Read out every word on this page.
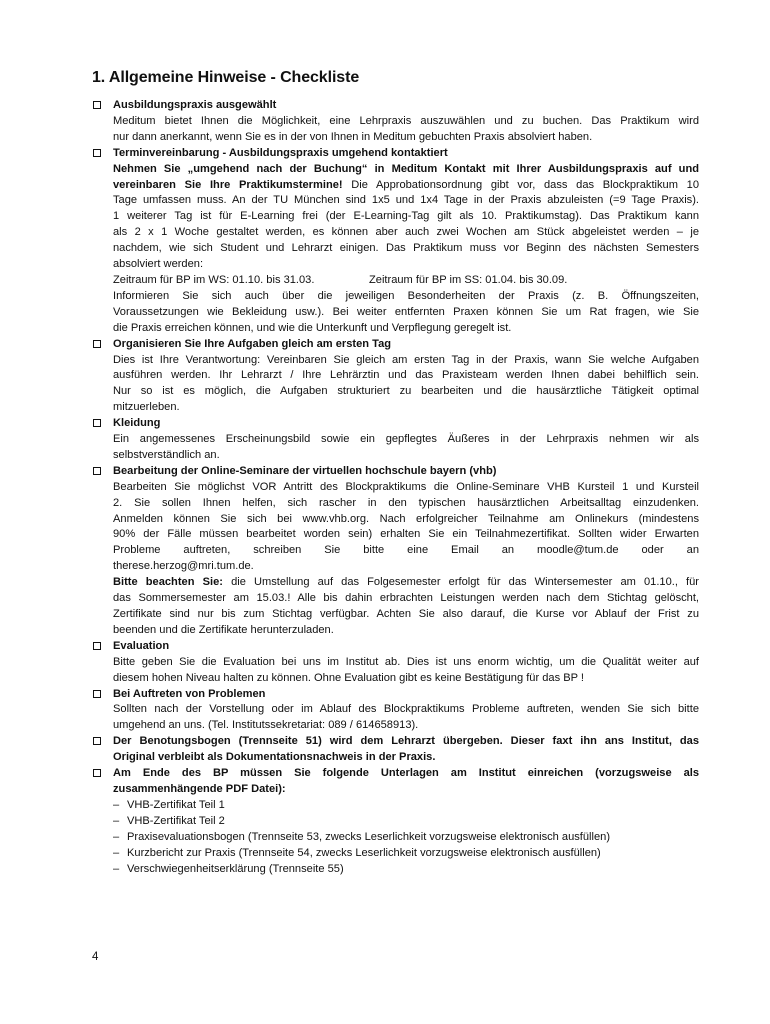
1. Allgemeine Hinweise - Checkliste
Ausbildungspraxis ausgewählt
Meditum bietet Ihnen die Möglichkeit, eine Lehrpraxis auszuwählen und zu buchen. Das Praktikum wird
nur dann anerkannt, wenn Sie es in der von Ihnen in Meditum gebuchten Praxis absolviert haben.
Terminvereinbarung - Ausbildungspraxis umgehend kontaktiert
Nehmen Sie „umgehend nach der Buchung“ in Meditum Kontakt mit Ihrer Ausbildungspraxis auf und
vereinbaren Sie Ihre Praktikumstermine! Die Approbationsordnung gibt vor, dass das Blockpraktikum 10
Tage umfassen muss. An der TU München sind 1x5 und 1x4 Tage in der Praxis abzuleisten (=9 Tage Praxis).
1 weiterer Tag ist für E-Learning frei (der E-Learning-Tag gilt als 10. Praktikumstag). Das Praktikum kann
als 2 x 1 Woche gestaltet werden, es können aber auch zwei Wochen am Stück abgeleistet werden – je
nachdem, wie sich Student und Lehrarzt einigen. Das Praktikum muss vor Beginn des nächsten Semesters
absolviert werden:
Zeitraum für BP im WS: 01.10. bis 31.03.	Zeitraum für BP im SS: 01.04. bis 30.09.
Informieren Sie sich auch über die jeweiligen Besonderheiten der Praxis (z. B. Öffnungszeiten,
Voraussetzungen wie Bekleidung usw.). Bei weiter entfernten Praxen können Sie um Rat fragen, wie Sie
die Praxis erreichen können, und wie die Unterkunft und Verpflegung geregelt ist.
Organisieren Sie Ihre Aufgaben gleich am ersten Tag
Dies ist Ihre Verantwortung: Vereinbaren Sie gleich am ersten Tag in der Praxis, wann Sie welche Aufgaben
ausführen werden. Ihr Lehrarzt / Ihre Lehrärztin und das Praxisteam werden Ihnen dabei behilflich sein.
Nur so ist es möglich, die Aufgaben strukturiert zu bearbeiten und die hausärztliche Tätigkeit optimal
mitzuerleben.
Kleidung
Ein angemessenes Erscheinungsbild sowie ein gepflegtes Äußeres in der Lehrpraxis nehmen wir als
selbstverständlich an.
Bearbeitung der Online-Seminare der virtuellen hochschule bayern (vhb)
Bearbeiten Sie möglichst VOR Antritt des Blockpraktikums die Online-Seminare VHB Kursteil 1 und Kursteil
2. Sie sollen Ihnen helfen, sich rascher in den typischen hausärztlichen Arbeitsalltag einzudenken.
Anmelden können Sie sich bei www.vhb.org. Nach erfolgreicher Teilnahme am Onlinekurs (mindestens
90% der Fälle müssen bearbeitet worden sein) erhalten Sie ein Teilnahmezertifikat. Sollten wider Erwarten
Probleme auftreten, schreiben Sie bitte eine Email an moodle@tum.de oder an
therese.herzog@mri.tum.de.
Bitte beachten Sie: die Umstellung auf das Folgesemester erfolgt für das Wintersemester am 01.10., für
das Sommersemester am 15.03.! Alle bis dahin erbrachten Leistungen werden nach dem Stichtag gelöscht,
Zertifikate sind nur bis zum Stichtag verfügbar. Achten Sie also darauf, die Kurse vor Ablauf der Frist zu
beenden und die Zertifikate herunterzuladen.
Evaluation
Bitte geben Sie die Evaluation bei uns im Institut ab. Dies ist uns enorm wichtig, um die Qualität weiter auf
diesem hohen Niveau halten zu können. Ohne Evaluation gibt es keine Bestätigung für das BP !
Bei Auftreten von Problemen
Sollten nach der Vorstellung oder im Ablauf des Blockpraktikums Probleme auftreten, wenden Sie sich bitte
umgehend an uns. (Tel. Institutssekretariat: 089 / 614658913).
Der Benotungsbogen (Trennseite 51) wird dem Lehrarzt übergeben. Dieser faxt ihn ans Institut, das
Original verbleibt als Dokumentationsnachweis in der Praxis.
Am Ende des BP müssen Sie folgende Unterlagen am Institut einreichen (vorzugsweise als
zusammenhängende PDF Datei):
– VHB-Zertifikat Teil 1
– VHB-Zertifikat Teil 2
– Praxisevaluationsbogen (Trennseite 53, zwecks Leserlichkeit vorzugsweise elektronisch ausfüllen)
– Kurzbericht zur Praxis (Trennseite 54, zwecks Leserlichkeit vorzugsweise elektronisch ausfüllen)
– Verschwiegenheitserklärung (Trennseite 55)
4
